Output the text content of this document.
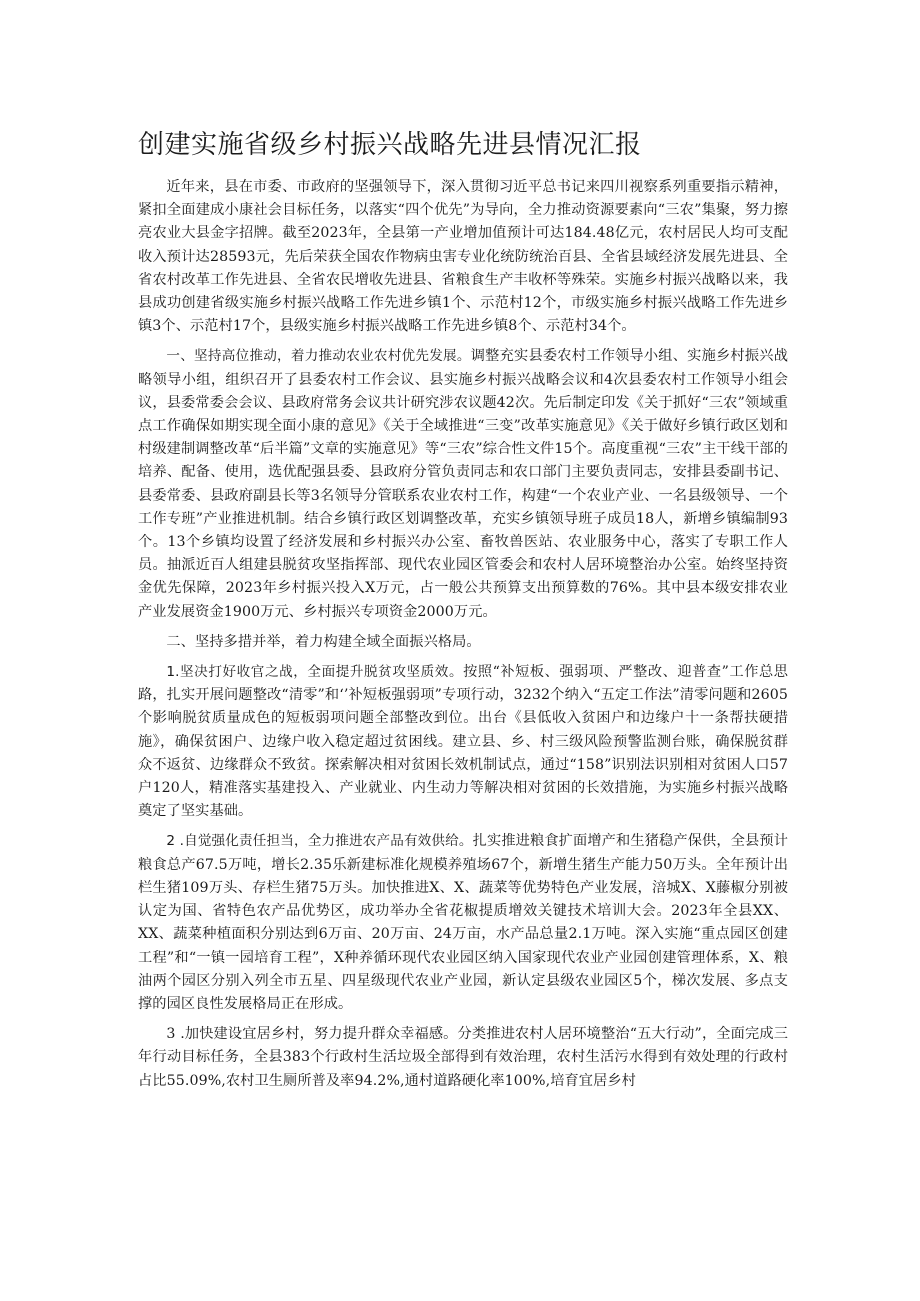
创建实施省级乡村振兴战略先进县情况汇报

近年来，县在市委、市政府的坚强领导下，深入贯彻习近平总书记来四川视察系列重要指示精神，紧扣全面建成小康社会目标任务，以落实“四个优先”为导向，全力推动资源要素向“三农”集聚，努力擦亮农业大县金字招牌。截至2023年，全县第一产业增加值预计可达184.48亿元，农村居民人均可支配收入预计达28593元，先后荣获全国农作物病虫害专业化统防统治百县、全省县域经济发展先进县、全省农村改革工作先进县、全省农民增收先进县、省粮食生产丰收杯等殊荣。实施乡村振兴战略以来，我县成功创建省级实施乡村振兴战略工作先进乡镇1个、示范村12个，市级实施乡村振兴战略工作先进乡镇3个、示范村17个，县级实施乡村振兴战略工作先进乡镇8个、示范村34个。

一、坚持高位推动，着力推动农业农村优先发展。调整充实县委农村工作领导小组、实施乡村振兴战略领导小组，组织召开了县委农村工作会议、县实施乡村振兴战略会议和4次县委农村工作领导小组会议，县委常委会会议、县政府常务会议共计研究涉农议题42次。先后制定印发《关于抓好“三农”领域重点工作确保如期实现全面小康的意见》《关于全域推进“三变”改革实施意见》《关于做好乡镇行政区划和村级建制调整改革“后半篇”文章的实施意见》等“三农”综合性文件15个。高度重视“三农”主干线干部的培养、配备、使用，选优配强县委、县政府分管负责同志和农口部门主要负责同志，安排县委副书记、县委常委、县政府副县长等3名领导分管联系农业农村工作，构建“一个农业产业、一名县级领导、一个工作专班”产业推进机制。结合乡镇行政区划调整改革，充实乡镇领导班子成员18人，新增乡镇编制93个。13个乡镇均设置了经济发展和乡村振兴办公室、畜牧兽医站、农业服务中心，落实了专职工作人员。抽派近百人组建县脱贫攻坚指挥部、现代农业园区管委会和农村人居环境整治办公室。始终坚持资金优先保障，2023年乡村振兴投入X万元，占一般公共预算支出预算数的76%。其中县本级安排农业产业发展资金1900万元、乡村振兴专项资金2000万元。

二、坚持多措并举，着力构建全域全面振兴格局。

1.坚决打好收官之战，全面提升脱贫攻坚质效。按照“补短板、强弱项、严整改、迎普查”工作总思路，扎实开展问题整改“清零”和‘’补短板强弱项”专项行动，3232个纳入“五定工作法”清零问题和2605个影响脱贫质量成色的短板弱项问题全部整改到位。出台《县低收入贫困户和边缘户十一条帮扶硬措施》，确保贫困户、边缘户收入稳定超过贫困线。建立县、乡、村三级风险预警监测台账，确保脱贫群众不返贫、边缘群众不致贫。探索解决相对贫困长效机制试点，通过“158”识别法识别相对贫困人口57户120人，精准落实基建投入、产业就业、内生动力等解决相对贫困的长效措施，为实施乡村振兴战略奠定了坚实基础。

2 .自觉强化责任担当，全力推进农产品有效供给。扎实推进粮食扩面增产和生猪稳产保供，全县预计粮食总产67.5万吨，增长2.35乐新建标准化规模养殖场67个，新增生猪生产能力50万头。全年预计出栏生猪109万头、存栏生猪75万头。加快推进X、X、蔬菜等优势特色产业发展，涪城X、X藤椒分别被认定为国、省特色农产品优势区，成功举办全省花椒提质增效关键技术培训大会。2023年全县XX、XX、蔬菜种植面积分别达到6万亩、20万亩、24万亩，水产品总量2.1万吨。深入实施“重点园区创建工程”和“一镇一园培育工程”，X种养循环现代农业园区纳入国家现代农业产业园创建管理体系，X、粮油两个园区分别入列全市五星、四星级现代农业产业园，新认定县级农业园区5个，梯次发展、多点支撑的园区良性发展格局正在形成。

3 .加快建设宜居乡村，努力提升群众幸福感。分类推进农村人居环境整治“五大行动”，全面完成三年行动目标任务，全县383个行政村生活垃圾全部得到有效治理，农村生活污水得到有效处理的行政村占比55.09%,农村卫生厕所普及率94.2%,通村道路硬化率100%,培育宜居乡村
